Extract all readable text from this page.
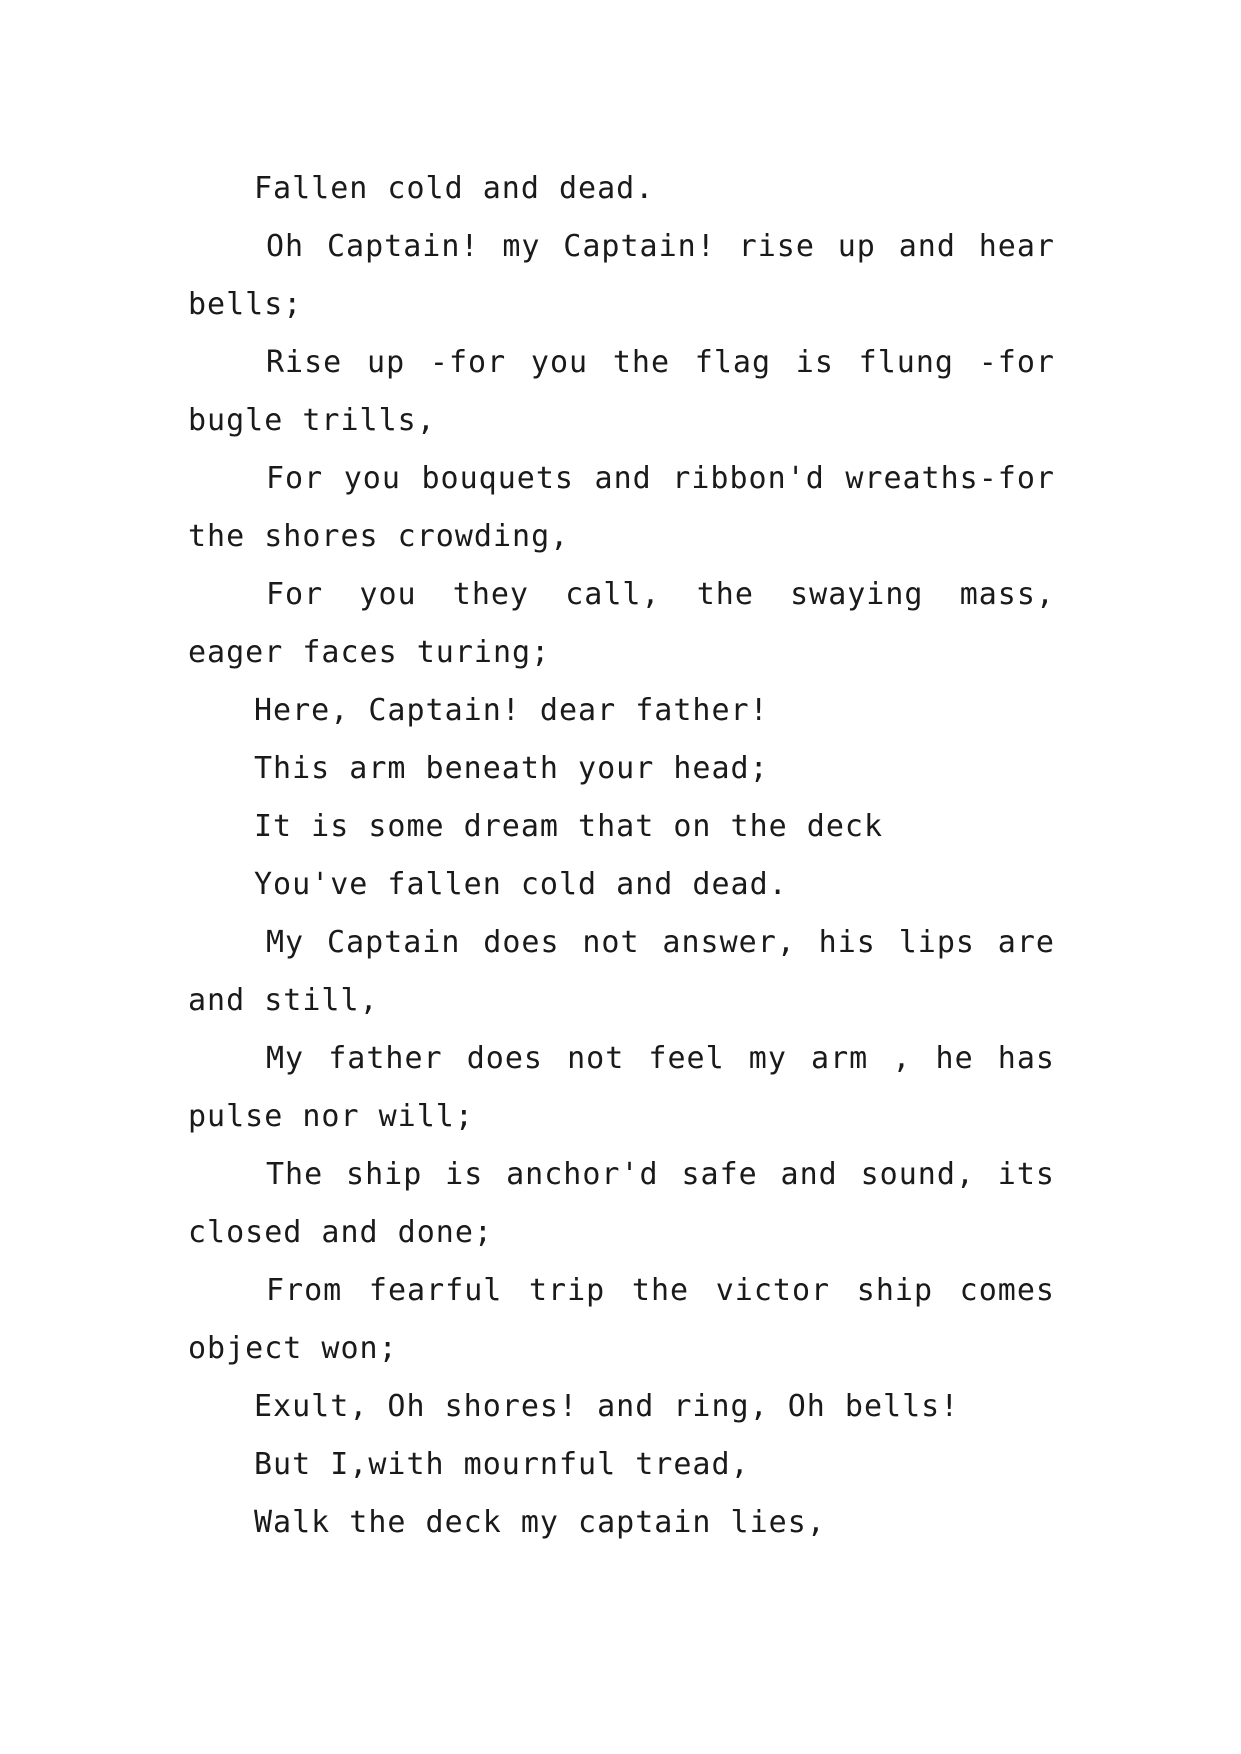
Fallen cold and dead.
Oh Captain! my Captain! rise up and hear
bells;
Rise up -for you the flag is flung -for
bugle trills,
For you bouquets and ribbon'd wreaths-for
the shores crowding,
For you they call, the swaying mass,
eager faces turing;
Here, Captain! dear father!
This arm beneath your head;
It is some dream that on the deck
You've fallen cold and dead.
My Captain does not answer, his lips are
and still,
My father does not feel my arm , he has
pulse nor will;
The ship is anchor'd safe and sound, its
closed and done;
From fearful trip the victor ship comes
object won;
Exult, Oh shores! and ring, Oh bells!
But I,with mournful tread,
Walk the deck my captain lies,
